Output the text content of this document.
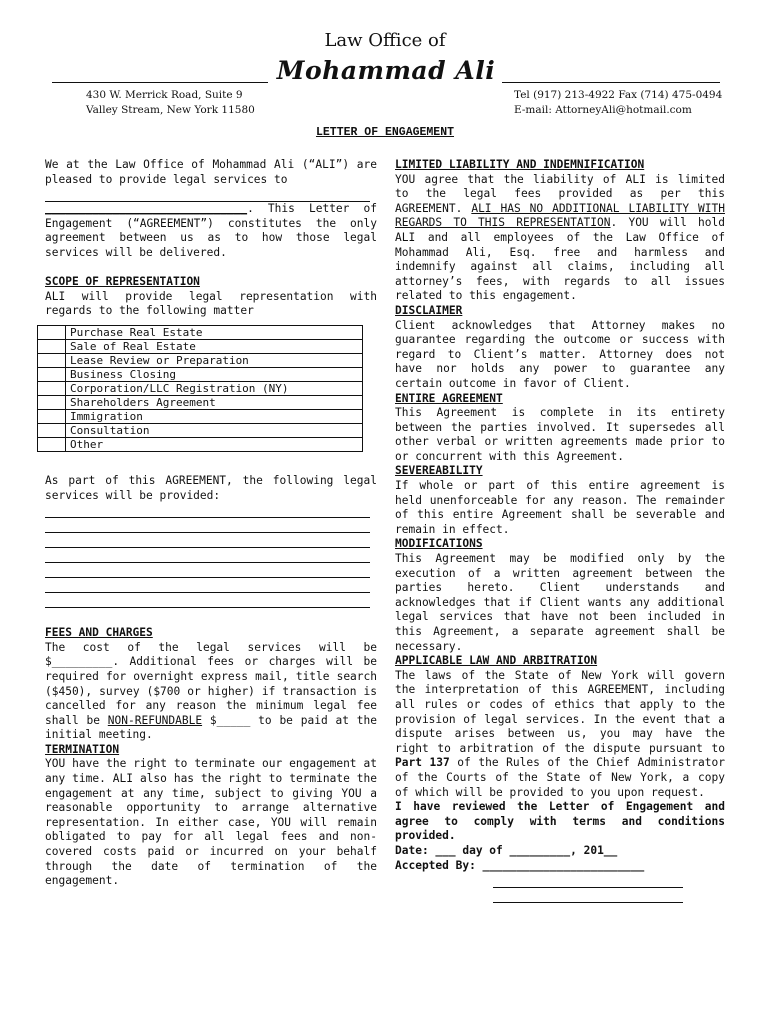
Law Office of
Mohammad Ali
430 W. Merrick Road, Suite 9
Valley Stream, New York 11580
Tel (917) 213-4922 Fax (714) 475-0494
E-mail: AttorneyAli@hotmail.com
LETTER OF ENGAGEMENT

We at the Law Office of Mohammad Ali (“ALI”) are pleased to provide legal services to

______________________________. This Letter of Engagement (“AGREEMENT”) constitutes the only agreement between us as to how those legal services will be delivered.

SCOPE OF REPRESENTATION

ALI will provide legal representation with regards to the following matter

	Purchase Real Estate
	Sale of Real Estate
	Lease Review or Preparation
	Business Closing
	Corporation/LLC Registration (NY)
	Shareholders Agreement
	Immigration
	Consultation
	Other

As part of this AGREEMENT, the following legal services will be provided:

FEES AND CHARGES

The cost of the legal services will be $_________. Additional fees or charges will be required for overnight express mail, title search ($450), survey ($700 or higher) if transaction is cancelled for any reason the minimum legal fee shall be NON-REFUNDABLE $_____ to be paid at the initial meeting.

TERMINATION

YOU have the right to terminate our engagement at any time. ALI also has the right to terminate the engagement at any time, subject to giving YOU a reasonable opportunity to arrange alternative representation. In either case, YOU will remain obligated to pay for all legal fees and non-covered costs paid or incurred on your behalf through the date of termination of the engagement.

LIMITED LIABILITY AND INDEMNIFICATION

YOU agree that the liability of ALI is limited to the legal fees provided as per this AGREEMENT. ALI HAS NO ADDITIONAL LIABILITY WITH REGARDS TO THIS REPRESENTATION. YOU will hold ALI and all employees of the Law Office of Mohammad Ali, Esq. free and harmless and indemnify against all claims, including all attorney’s fees, with regards to all issues related to this engagement.

DISCLAIMER

Client acknowledges that Attorney makes no guarantee regarding the outcome or success with regard to Client’s matter. Attorney does not have nor holds any power to guarantee any certain outcome in favor of Client.

ENTIRE AGREEMENT

This Agreement is complete in its entirety between the parties involved. It supersedes all other verbal or written agreements made prior to or concurrent with this Agreement.

SEVEREABILITY

If whole or part of this entire agreement is held unenforceable for any reason. The remainder of this entire Agreement shall be severable and remain in effect.

MODIFICATIONS

This Agreement may be modified only by the execution of a written agreement between the parties hereto. Client understands and acknowledges that if Client wants any additional legal services that have not been included in this Agreement, a separate agreement shall be necessary.

APPLICABLE LAW AND ARBITRATION

The laws of the State of New York will govern the interpretation of this AGREEMENT, including all rules or codes of ethics that apply to the provision of legal services. In the event that a dispute arises between us, you may have the right to arbitration of the dispute pursuant to Part 137 of the Rules of the Chief Administrator of the Courts of the State of New York, a copy of which will be provided to you upon request.

I have reviewed the Letter of Engagement and agree to comply with terms and conditions provided.

Date: ___ day of _________, 201__

Accepted By: ________________________
